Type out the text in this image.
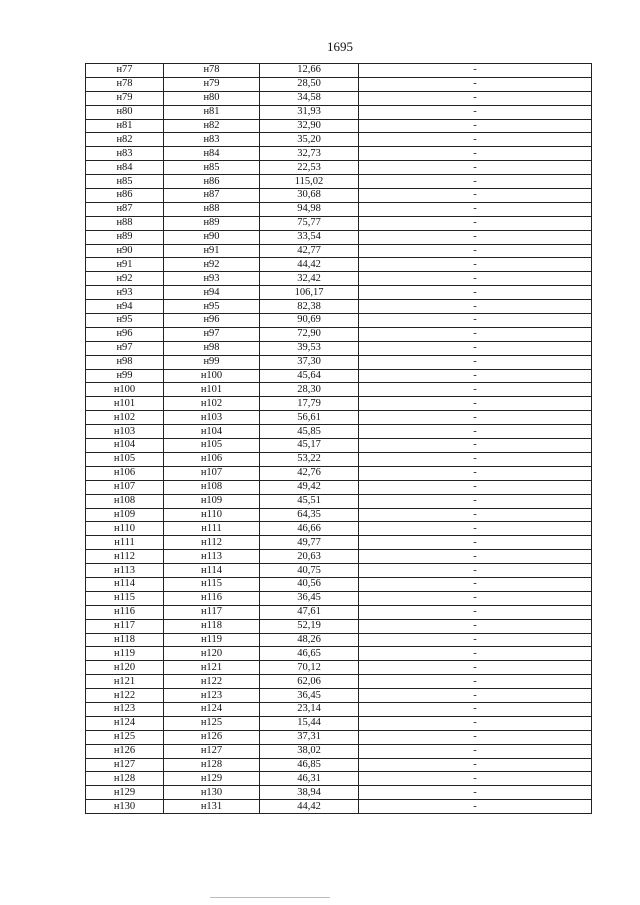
1695
н77	н78	12,66	-
н78	н79	28,50	-
н79	н80	34,58	-
н80	н81	31,93	-
н81	н82	32,90	-
н82	н83	35,20	-
н83	н84	32,73	-
н84	н85	22,53	-
н85	н86	115,02	-
н86	н87	30,68	-
н87	н88	94,98	-
н88	н89	75,77	-
н89	н90	33,54	-
н90	н91	42,77	-
н91	н92	44,42	-
н92	н93	32,42	-
н93	н94	106,17	-
н94	н95	82,38	-
н95	н96	90,69	-
н96	н97	72,90	-
н97	н98	39,53	-
н98	н99	37,30	-
н99	н100	45,64	-
н100	н101	28,30	-
н101	н102	17,79	-
н102	н103	56,61	-
н103	н104	45,85	-
н104	н105	45,17	-
н105	н106	53,22	-
н106	н107	42,76	-
н107	н108	49,42	-
н108	н109	45,51	-
н109	н110	64,35	-
н110	н111	46,66	-
н111	н112	49,77	-
н112	н113	20,63	-
н113	н114	40,75	-
н114	н115	40,56	-
н115	н116	36,45	-
н116	н117	47,61	-
н117	н118	52,19	-
н118	н119	48,26	-
н119	н120	46,65	-
н120	н121	70,12	-
н121	н122	62,06	-
н122	н123	36,45	-
н123	н124	23,14	-
н124	н125	15,44	-
н125	н126	37,31	-
н126	н127	38,02	-
н127	н128	46,85	-
н128	н129	46,31	-
н129	н130	38,94	-
н130	н131	44,42	-
